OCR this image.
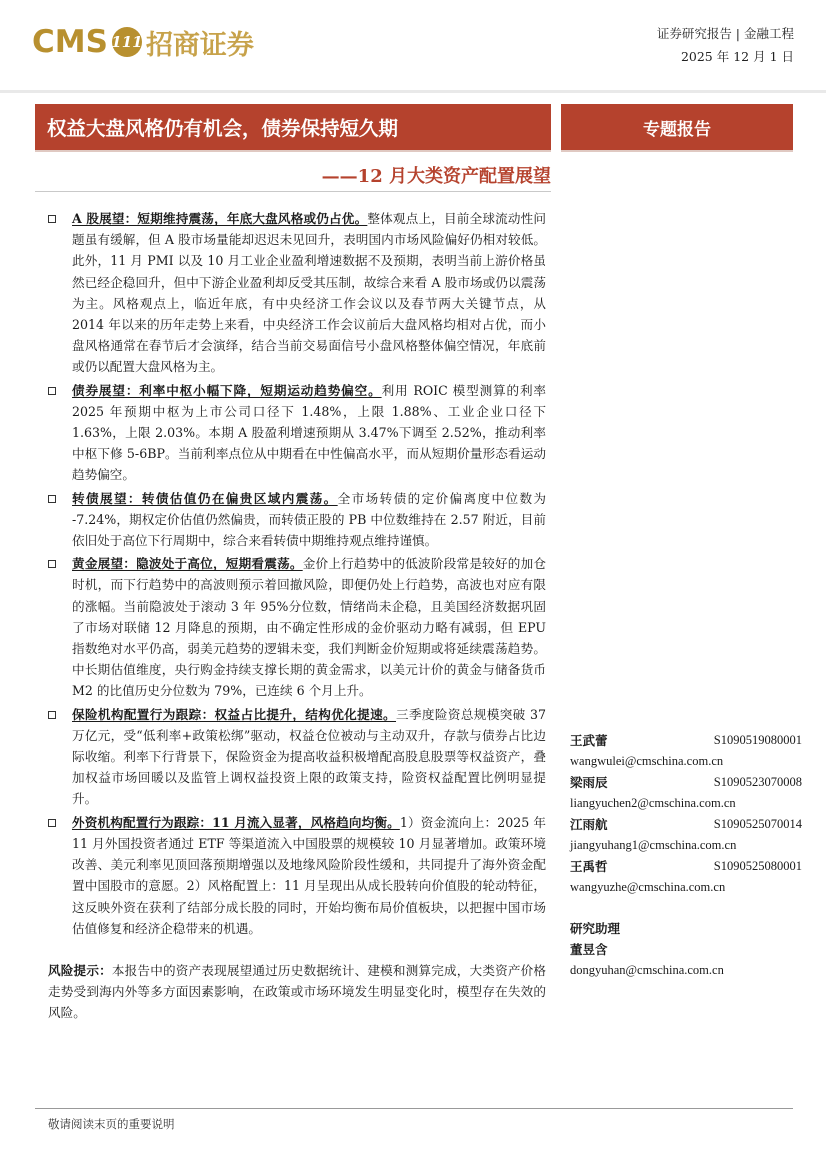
CMS 111 招商证券	证券研究报告 | 金融工程
2025 年 12 月 1 日
权益大盘风格仍有机会，债券保持短久期
——12 月大类资产配置展望
专题报告
A 股展望：短期维持震荡，年底大盘风格或仍占优。整体观点上，目前全球流动性问题虽有缓解，但 A 股市场量能却迟迟未见回升，表明国内市场风险偏好仍相对较低。此外，11 月 PMI 以及 10 月工业企业盈利增速数据不及预期，表明当前上游价格虽然已经企稳回升，但中下游企业盈利却反受其压制，故综合来看 A 股市场或仍以震荡为主。风格观点上，临近年底，有中央经济工作会议以及春节两大关键节点，从 2014 年以来的历年走势上来看，中央经济工作会议前后大盘风格均相对占优，而小盘风格通常在春节后才会演绎，结合当前交易面信号小盘风格整体偏空情况，年底前或仍以配置大盘风格为主。
债券展望：利率中枢小幅下降，短期运动趋势偏空。利用 ROIC 模型测算的利率 2025 年预期中枢为上市公司口径下 1.48%，上限 1.88%、工业企业口径下 1.63%，上限 2.03%。本期 A 股盈利增速预期从 3.47%下调至 2.52%，推动利率中枢下修 5-6BP。当前利率点位从中期看在中性偏高水平，而从短期价量形态看运动趋势偏空。
转债展望：转债估值仍在偏贵区域内震荡。全市场转债的定价偏离度中位数为 -7.24%，期权定价估值仍然偏贵，而转债正股的 PB 中位数维持在 2.57 附近，目前依旧处于高位下行周期中，综合来看转债中期维持观点维持谨慎。
黄金展望：隐波处于高位，短期看震荡。金价上行趋势中的低波阶段常是较好的加仓时机，而下行趋势中的高波则预示着回撤风险，即便仍处上行趋势，高波也对应有限的涨幅。当前隐波处于滚动 3 年 95%分位数，情绪尚未企稳，且美国经济数据巩固了市场对联储 12 月降息的预期，由不确定性形成的金价驱动力略有减弱，但 EPU 指数绝对水平仍高，弱美元趋势的逻辑未变，我们判断金价短期或将延续震荡趋势。中长期估值维度，央行购金持续支撑长期的黄金需求，以美元计价的黄金与储备货币 M2 的比值历史分位数为 79%，已连续 6 个月上升。
保险机构配置行为跟踪：权益占比提升，结构优化提速。三季度险资总规模突破 37 万亿元，受“低利率+政策松绑”驱动，权益仓位被动与主动双升，存款与债券占比边际收缩。利率下行背景下，保险资金为提高收益积极增配高股息股票等权益资产，叠加权益市场回暖以及监管上调权益投资上限的政策支持，险资权益配置比例明显提升。
外资机构配置行为跟踪：11 月流入显著，风格趋向均衡。1）资金流向上：2025 年 11 月外国投资者通过 ETF 等渠道流入中国股票的规模较 10 月显著增加。政策环境改善、美元利率见顶回落预期增强以及地缘风险阶段性缓和，共同提升了海外资金配置中国股市的意愿。2）风格配置上：11 月呈现出从成长股转向价值股的轮动特征，这反映外资在获利了结部分成长股的同时，开始均衡布局价值板块，以把握中国市场估值修复和经济企稳带来的机遇。
风险提示：本报告中的资产表现展望通过历史数据统计、建模和测算完成，大类资产价格走势受到海内外等多方面因素影响，在政策或市场环境发生明显变化时，模型存在失效的风险。
王武蕾	S1090519080001
wangwulei@cmschina.com.cn
梁雨辰	S1090523070008
liangyuchen2@cmschina.com.cn
江雨航	S1090525070014
jiangyuhang1@cmschina.com.cn
王禹哲	S1090525080001
wangyuzhe@cmschina.com.cn
研究助理
董昱含
dongyuhan@cmschina.com.cn
敬请阅读末页的重要说明
